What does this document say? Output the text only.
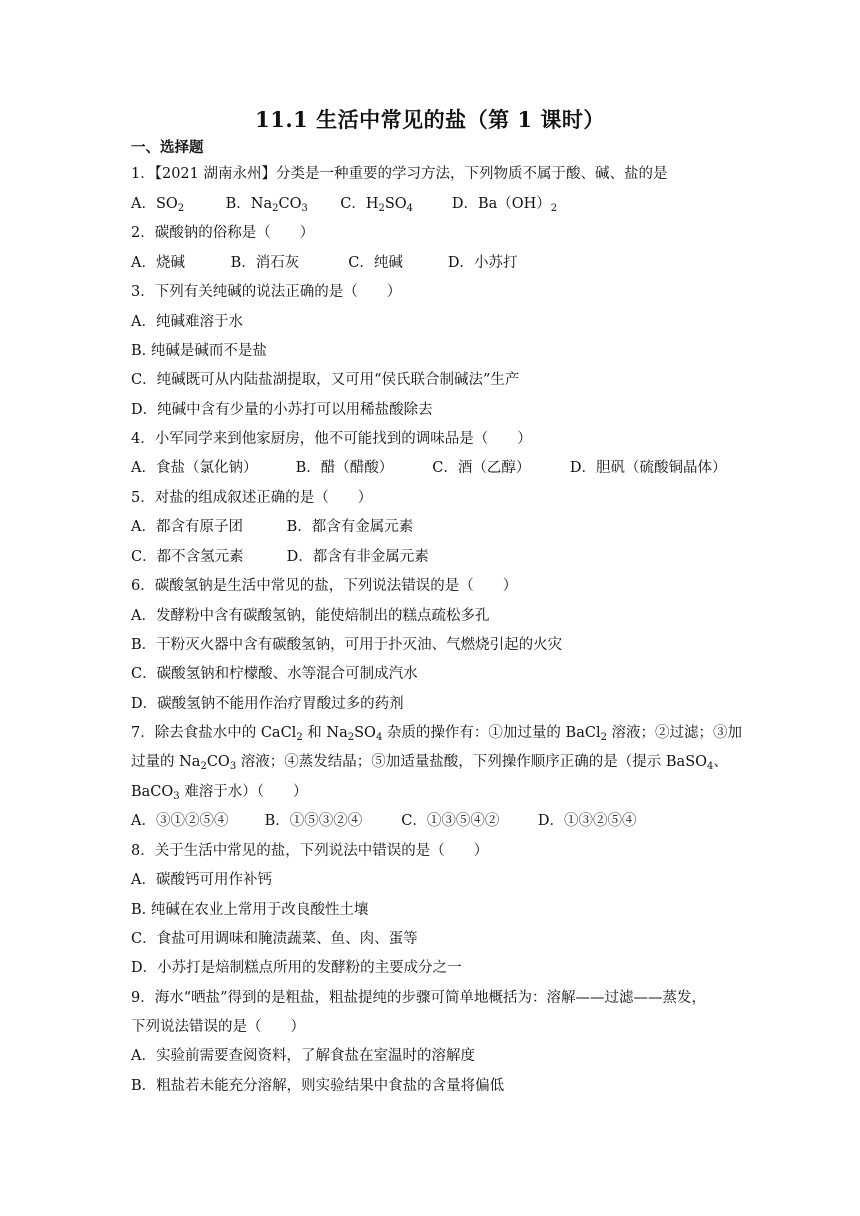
11.1 生活中常见的盐（第 1 课时）
一、选择题
1．【2021 湖南永州】分类是一种重要的学习方法，下列物质不属于酸、碱、盐的是
A．$SO_2$	B．$Na_2CO_3$ C．$H_2SO_4$	D．$Ba(OH)_2$
2．碳酸钠的俗称是（　　）
A．烧碱	B．消石灰	C．纯碱	D．小苏打
3．下列有关纯碱的说法正确的是（　　）
A．纯碱难溶于水
B. 纯碱是碱而不是盐
C．纯碱既可从内陆盐湖提取，又可用“侯氏联合制碱法”生产
D．纯碱中含有少量的小苏打可以用稀盐酸除去
4．小军同学来到他家厨房，他不可能找到的调味品是（　　）
A．食盐（氯化钠）	B．醋（醋酸）	C．酒（乙醇）	D．胆矾（硫酸铜晶体）
5．对盐的组成叙述正确的是（　　）
A．都含有原子团	B．都含有金属元素
C．都不含氢元素	D．都含有非金属元素
6．碳酸氢钠是生活中常见的盐，下列说法错误的是（　　）
A．发酵粉中含有碳酸氢钠，能使焙制出的糕点疏松多孔
B．干粉灭火器中含有碳酸氢钠，可用于扑灭油、气燃烧引起的火灾
C．碳酸氢钠和柠檬酸、水等混合可制成汽水
D．碳酸氢钠不能用作治疗胃酸过多的药剂
7．除去食盐水中的 CaCl$_2$ 和 $Na_2SO_4$ 杂质的操作有：①加过量的 BaCl$_2$ 溶液；②过滤；③加
过量的 $Na_2CO_3$ 溶液；④蒸发结晶；⑤加适量盐酸，下列操作顺序正确的是（提示 BaSO$_4$、
BaCO$_3$ 难溶于水）（　　）
A．③①②⑤④ B．①⑤③②④	C．①③⑤④②	D．①③②⑤④
8．关于生活中常见的盐，下列说法中错误的是（　　）
A．碳酸钙可用作补钙
B. 纯碱在农业上常用于改良酸性土壤
C．食盐可用调味和腌渍蔬菜、鱼、肉、蛋等
D．小苏打是焙制糕点所用的发酵粉的主要成分之一
9．海水“晒盐”得到的是粗盐，粗盐提纯的步骤可简单地概括为：溶解——过滤——蒸发，
下列说法错误的是（　　）
A．实验前需要查阅资料，了解食盐在室温时的溶解度
B．粗盐若未能充分溶解，则实验结果中食盐的含量将偏低
